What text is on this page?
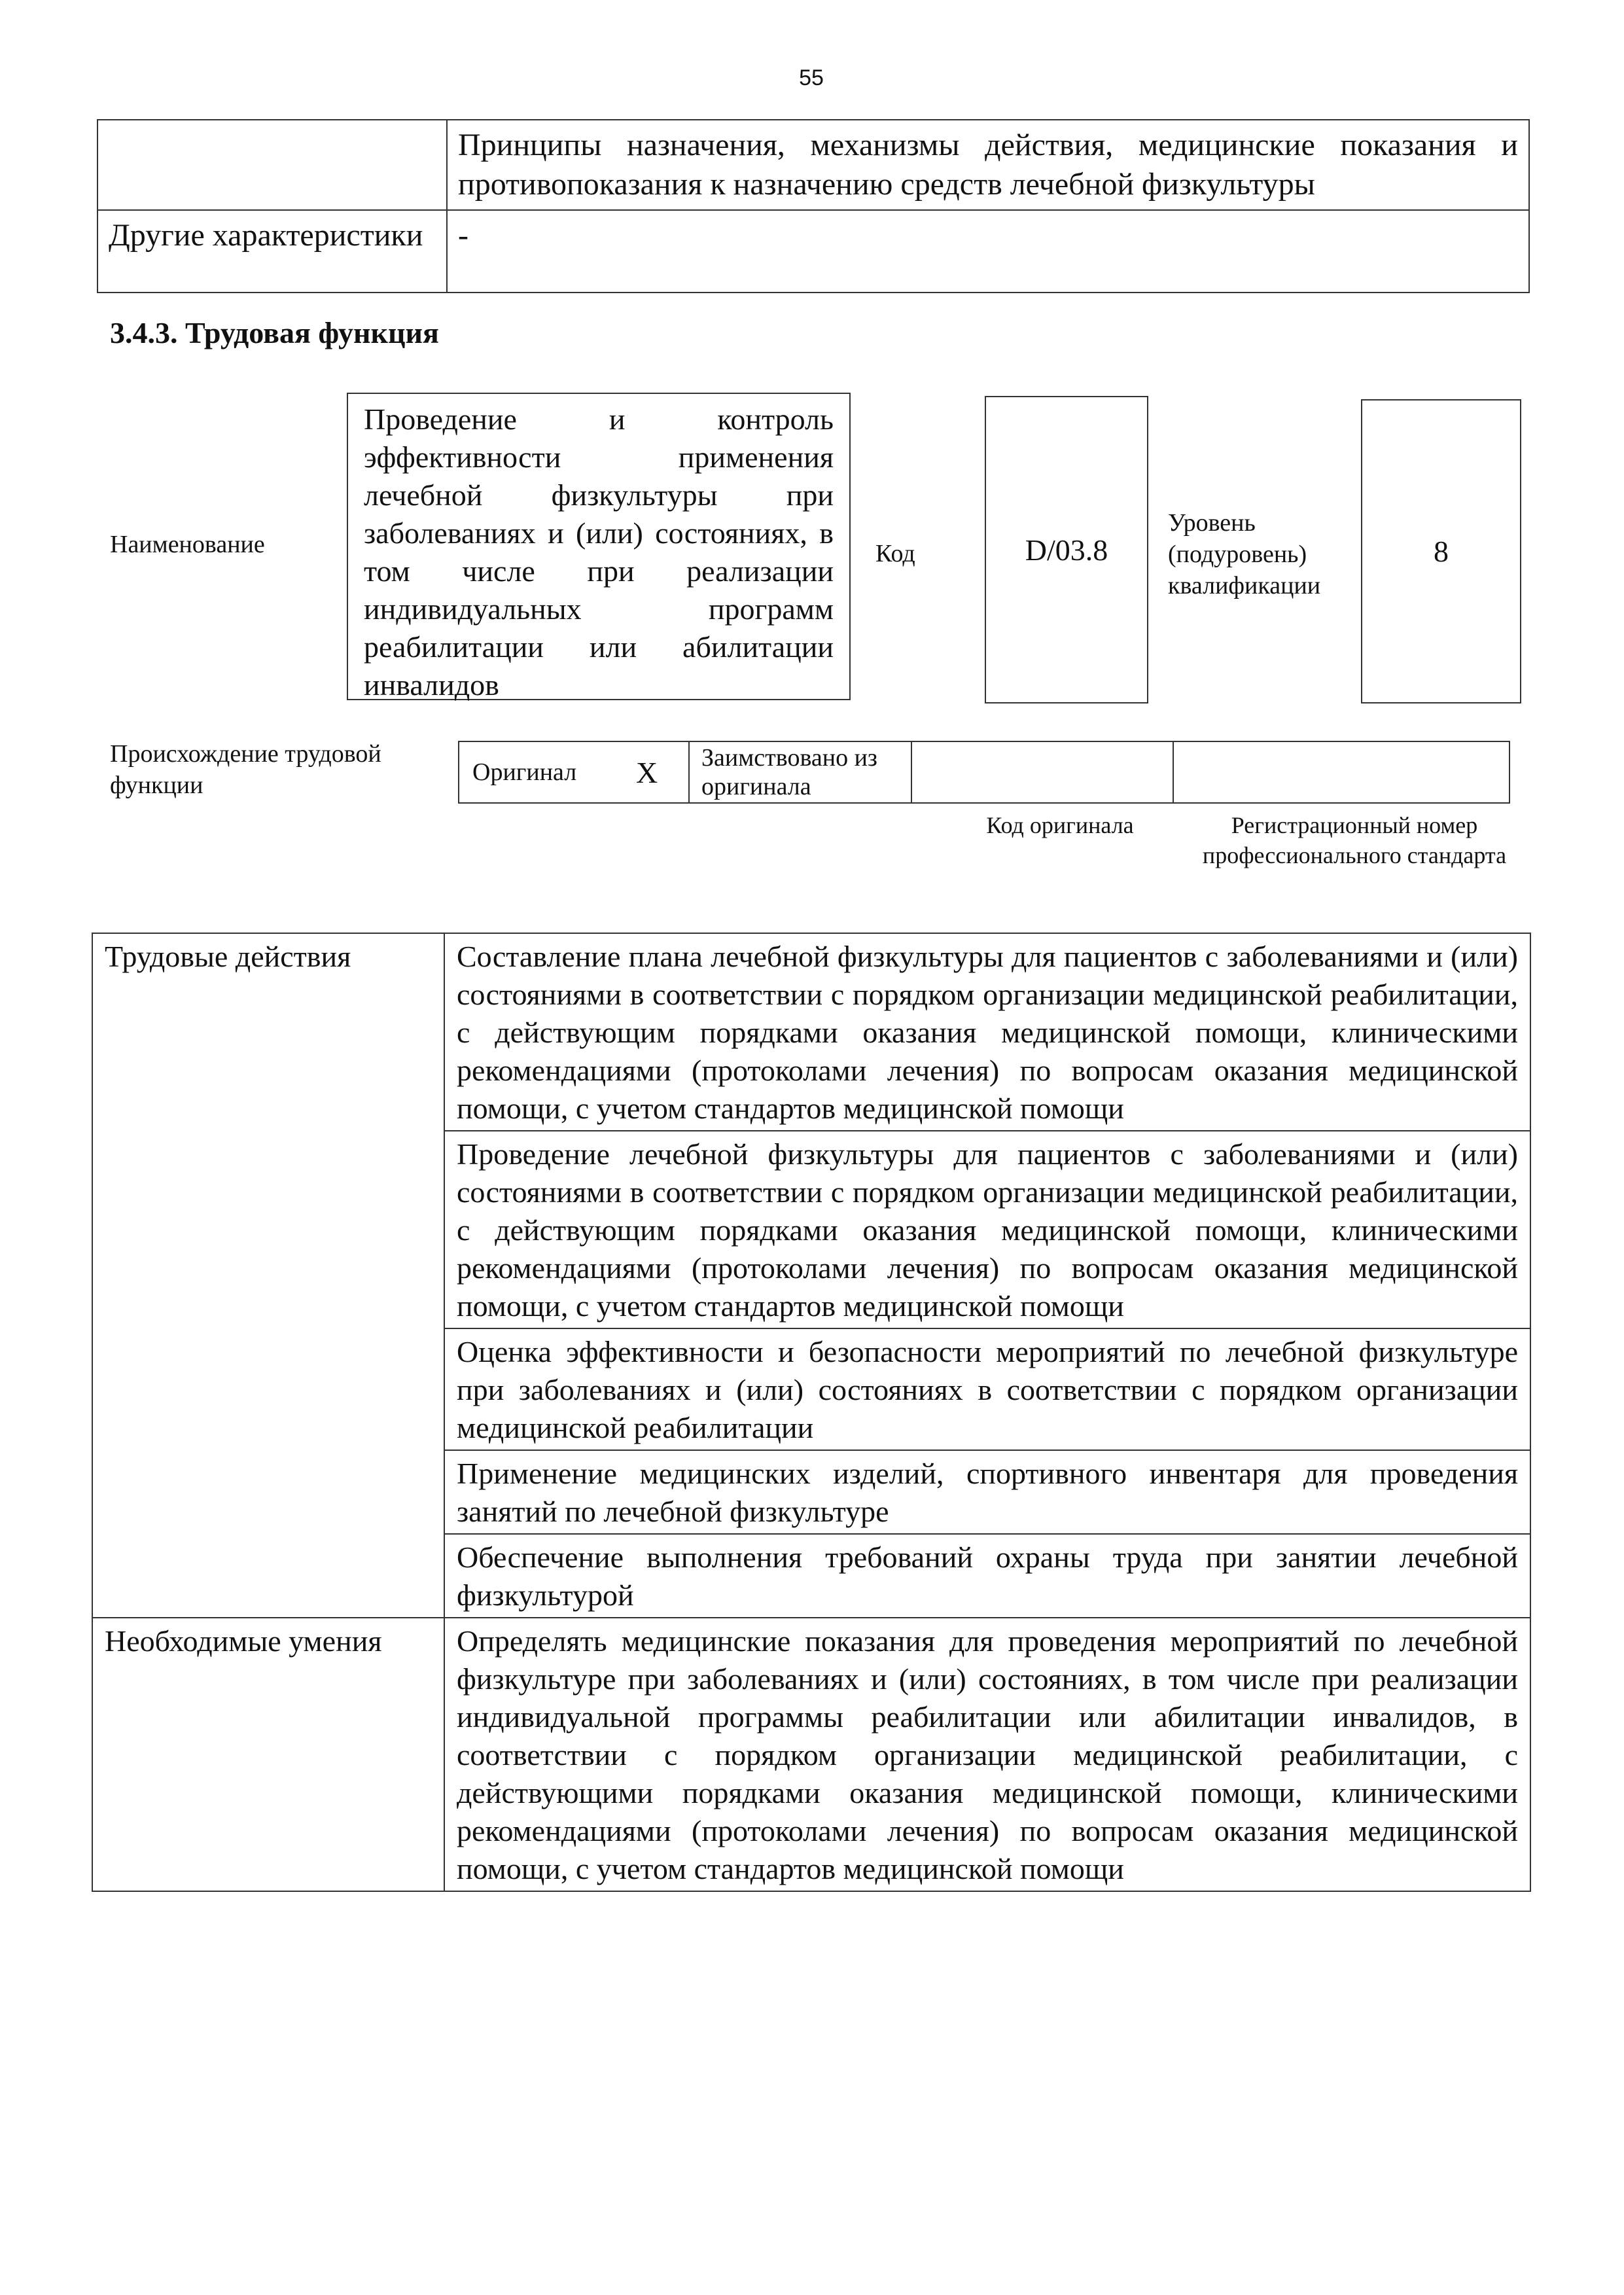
55
	Принципы назначения, механизмы действия, медицинские показания и противопоказания к назначению средств лечебной физкультуры
Другие характеристики	-
3.4.3. Трудовая функция
Наименование
Проведение и контроль эффективности применения лечебной физкультуры при заболеваниях и (или) состояниях, в том числе при реализации индивидуальных программ реабилитации или абилитации инвалидов
Код	D/03.8
Уровень (подуровень) квалификации
8
Происхождение трудовой функции	Оригинал	X	Заимствовано из оригинала		
Код оригинала	Регистрационный номер профессионального стандарта
Трудовые действия	Составление плана лечебной физкультуры для пациентов с заболеваниями и (или) состояниями в соответствии с порядком организации медицинской реабилитации, с действующим порядками оказания медицинской помощи, клиническими рекомендациями (протоколами лечения) по вопросам оказания медицинской помощи, с учетом стандартов медицинской помощи
	Проведение лечебной физкультуры для пациентов с заболеваниями и (или) состояниями в соответствии с порядком организации медицинской реабилитации, с действующим порядками оказания медицинской помощи, клиническими рекомендациями (протоколами лечения) по вопросам оказания медицинской помощи, с учетом стандартов медицинской помощи
	Оценка эффективности и безопасности мероприятий по лечебной физкультуре при заболеваниях и (или) состояниях в соответствии с порядком организации медицинской реабилитации
	Применение медицинских изделий, спортивного инвентаря для проведения занятий по лечебной физкультуре
	Обеспечение выполнения требований охраны труда при занятии лечебной физкультурой
Необходимые умения	Определять медицинские показания для проведения мероприятий по лечебной физкультуре при заболеваниях и (или) состояниях, в том числе при реализации индивидуальной программы реабилитации или абилитации инвалидов, в соответствии с порядком организации медицинской реабилитации, с действующими порядками оказания медицинской помощи, клиническими рекомендациями (протоколами лечения) по вопросам оказания медицинской помощи, с учетом стандартов медицинской помощи
